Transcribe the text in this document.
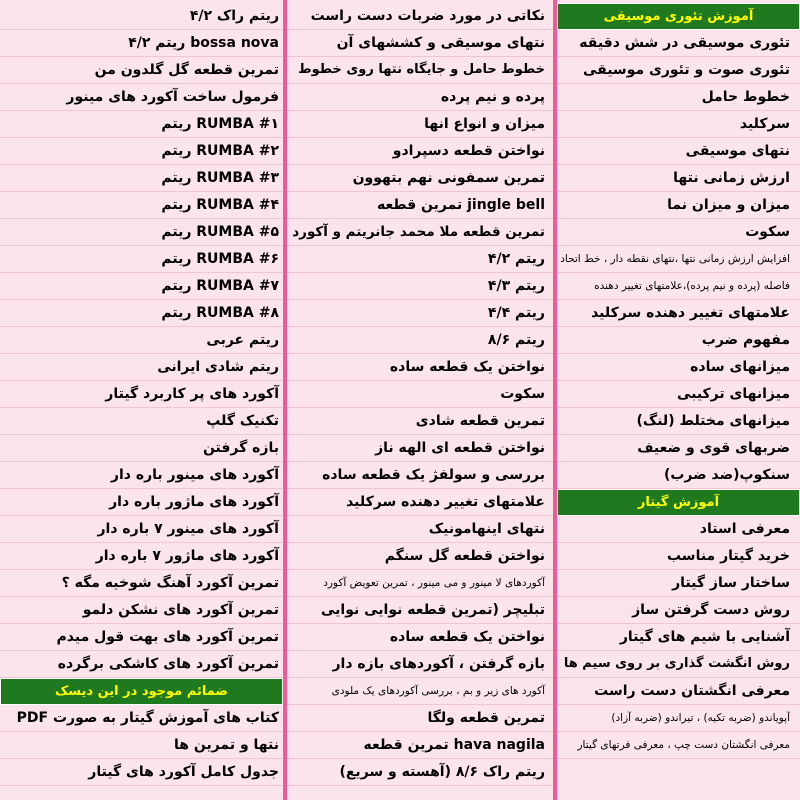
آموزش تئوری موسیقی
تئوری موسیقی در شش دقیقه
تئوری صوت و تئوری موسیقی
خطوط حامل
سرکلید
نتهای موسیقی
ارزش زمانی نتها
میزان و میزان نما
سکوت
افزایش ارزش زمانی نتها ،نتهای نقطه دار ، خط اتحاد
فاصله (پرده و نیم پرده)،علامتهای تغییر دهنده
علامتهای تغییر دهنده سرکلید
مفهوم ضرب
میزانهای ساده
میزانهای ترکیبی
میزانهای مختلط (لنگ)
ضربهای قوی و ضعیف
سنکوپ(ضد ضرب)
آموزش گیتار
معرفی استاد
خرید گیتار مناسب
ساختار ساز گیتار
روش دست گرفتن ساز
آشنایی با شیم های گیتار
روش انگشت گذاری بر روی سیم ها
معرفی انگشتان دست راست
آپویاندو (ضربه تکیه) ، تیراندو (ضربه آزاد)
معرفی انگشتان دست چپ ، معرفی فرتهای گیتار
نکاتی در مورد ضربات دست راست
نتهای موسیقی و کششهای آن
خطوط حامل و جایگاه نتها روی خطوط
پرده و نیم پرده
میزان و انواع انها
نواختن قطعه دسپرادو
تمرین سمفونی نهم بتهوون
jingle bell تمرین قطعه
تمرین قطعه ملا محمد جانریتم و آکورد
ریتم ۴/۲
ریتم ۴/۳
ریتم ۴/۴
ریتم ۸/۶
نواختن یک قطعه ساده
سکوت
تمرین قطعه شادی
نواختن قطعه ای الهه ناز
بررسی و سولفژ یک قطعه ساده
علامتهای تغییر دهنده سرکلید
نتهای اینهامونیک
نواختن قطعه گل سنگم
آکوردهای لا مینور و می مینور ، تمرین تعویض آکورد
تبلیچر (تمرین قطعه نوایی نوایی
نواختن یک قطعه ساده
بازه گرفتن ، آکوردهای بازه دار
آکورد های زیر و بم ، بررسی آکوردهای یک ملودی
تمرین قطعه ولگا
hava nagila تمرین قطعه
ریتم راک ۸/۶ (آهسته و سریع)
ریتم راک ۴/۲
bossa nova ریتم ۴/۲
تمرین قطعه گل گلدون من
فرمول ساخت آکورد های مینور
ریتم RUMBA #۱
ریتم RUMBA #۲
ریتم RUMBA #۳
ریتم RUMBA #۴
ریتم RUMBA #۵
ریتم RUMBA #۶
ریتم RUMBA #۷
ریتم RUMBA #۸
ریتم عربی
ریتم شادی ایرانی
آکورد های پر کاربرد گیتار
تکنیک گلپ
بازه گرفتن
آکورد های مینور باره دار
آکورد های ماژور باره دار
آکورد های مینور ۷ باره دار
آکورد های ماژور ۷ باره دار
تمرین آکورد آهنگ شوخیه مگه ؟
تمرین آکورد های نشکن دلمو
تمرین آکورد های بهت قول میدم
تمرین آکورد های کاشکی برگرده
ضمائم موجود در این دیسک
کتاب های آموزش گیتار به صورت PDF
نتها و تمرین ها
جدول کامل آکورد های گیتار
